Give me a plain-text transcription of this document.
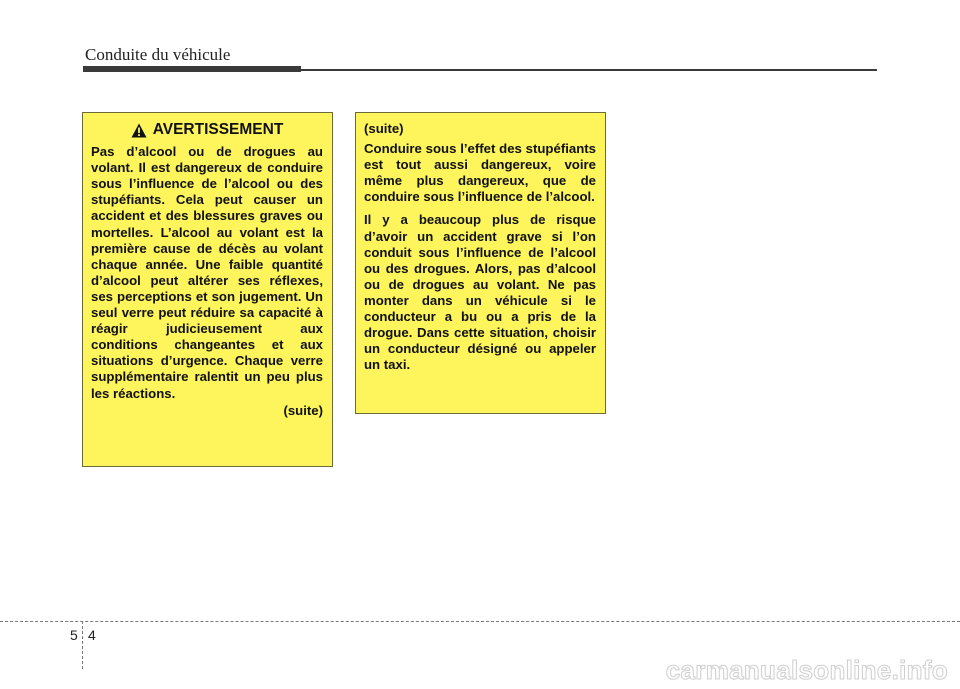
Conduite du véhicule
AVERTISSEMENT

Pas d’alcool ou de drogues au volant. Il est dangereux de conduire sous l’influence de l’alcool ou des stupéfiants. Cela peut causer un accident et des blessures graves ou mortelles. L’alcool au volant est la première cause de décès au volant chaque année. Une faible quantité d’alcool peut altérer ses réflexes, ses perceptions et son jugement. Un seul verre peut réduire sa capacité à réagir judicieusement aux conditions changeantes et aux situations d’urgence. Chaque verre supplémentaire ralentit un peu plus les réactions.

(suite)
(suite)

Conduire sous l’effet des stupéfiants est tout aussi dangereux, voire même plus dangereux, que de conduire sous l’influence de l’alcool.

Il y a beaucoup plus de risque d’avoir un accident grave si l’on conduit sous l’influence de l’alcool ou des drogues. Alors, pas d’alcool ou de drogues au volant. Ne pas monter dans un véhicule si le conducteur a bu ou a pris de la drogue. Dans cette situation, choisir un conducteur désigné ou appeler un taxi.

5 4
carmanualsonline.info
